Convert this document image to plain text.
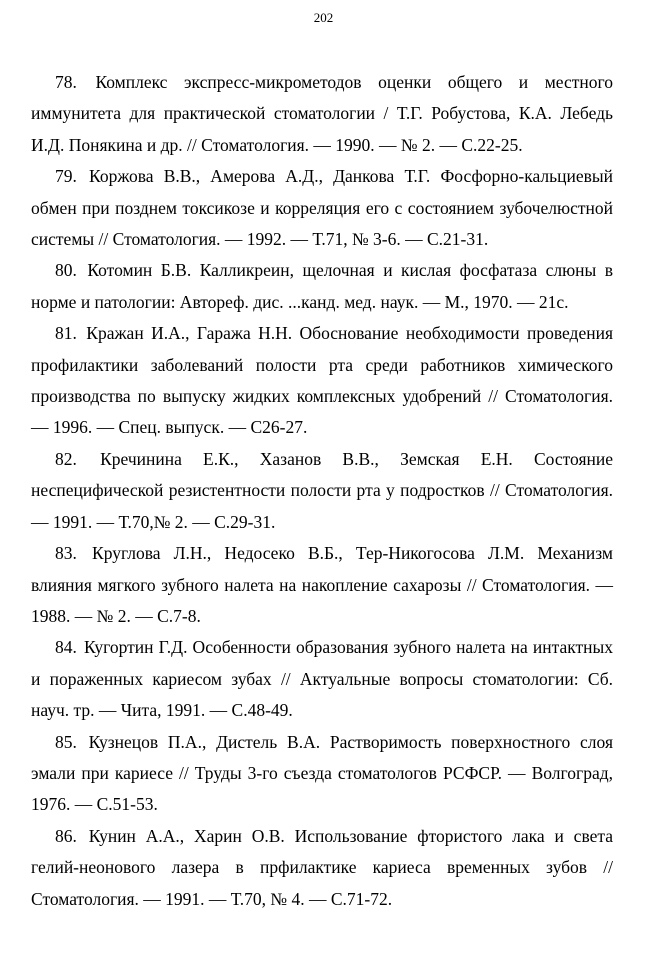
202

78. Комплекс экспресс-микрометодов оценки общего и местного иммунитета для практической стоматологии / Т.Г. Робустова, К.А. Лебедь И.Д. Понякина и др. // Стоматология. — 1990. — № 2. — С.22-25.

79. Коржова В.В., Амерова А.Д., Данкова Т.Г. Фосфорно-кальциевый обмен при позднем токсикозе и корреляция его с состоянием зубочелюстной системы // Стоматология. — 1992. — Т.71, № 3-6. — С.21-31.

80. Котомин Б.В. Калликреин, щелочная и кислая фосфатаза слюны в норме и патологии: Автореф. дис. ...канд. мед. наук. — М., 1970. — 21с.

81. Кражан И.А., Гаража Н.Н. Обоснование необходимости проведения профилактики заболеваний полости рта среди работников химического производства по выпуску жидких комплексных удобрений // Стоматология. — 1996. — Спец. выпуск. — С26-27.

82. Кречинина Е.К., Хазанов В.В., Земская Е.Н. Состояние неспецифической резистентности полости рта у подростков // Стоматология. — 1991. — Т.70,№ 2. — С.29-31.

83. Круглова Л.Н., Недосеко В.Б., Тер-Никогосова Л.М. Механизм влияния мягкого зубного налета на накопление сахарозы // Стоматология. — 1988. — № 2. — С.7-8.

84. Кугортин Г.Д. Особенности образования зубного налета на интактных и пораженных кариесом зубах // Актуальные вопросы стоматологии: Сб. науч. тр. — Чита, 1991. — С.48-49.

85. Кузнецов П.А., Дистель В.А. Растворимость поверхностного слоя эмали при кариесе // Труды 3-го съезда стоматологов РСФСР. — Волгоград, 1976. — С.51-53.

86. Кунин А.А., Харин О.В. Использование фтористого лака и света гелий-неонового лазера в прфилактике кариеса временных зубов // Стоматология. — 1991. — Т.70, № 4. — С.71-72.
